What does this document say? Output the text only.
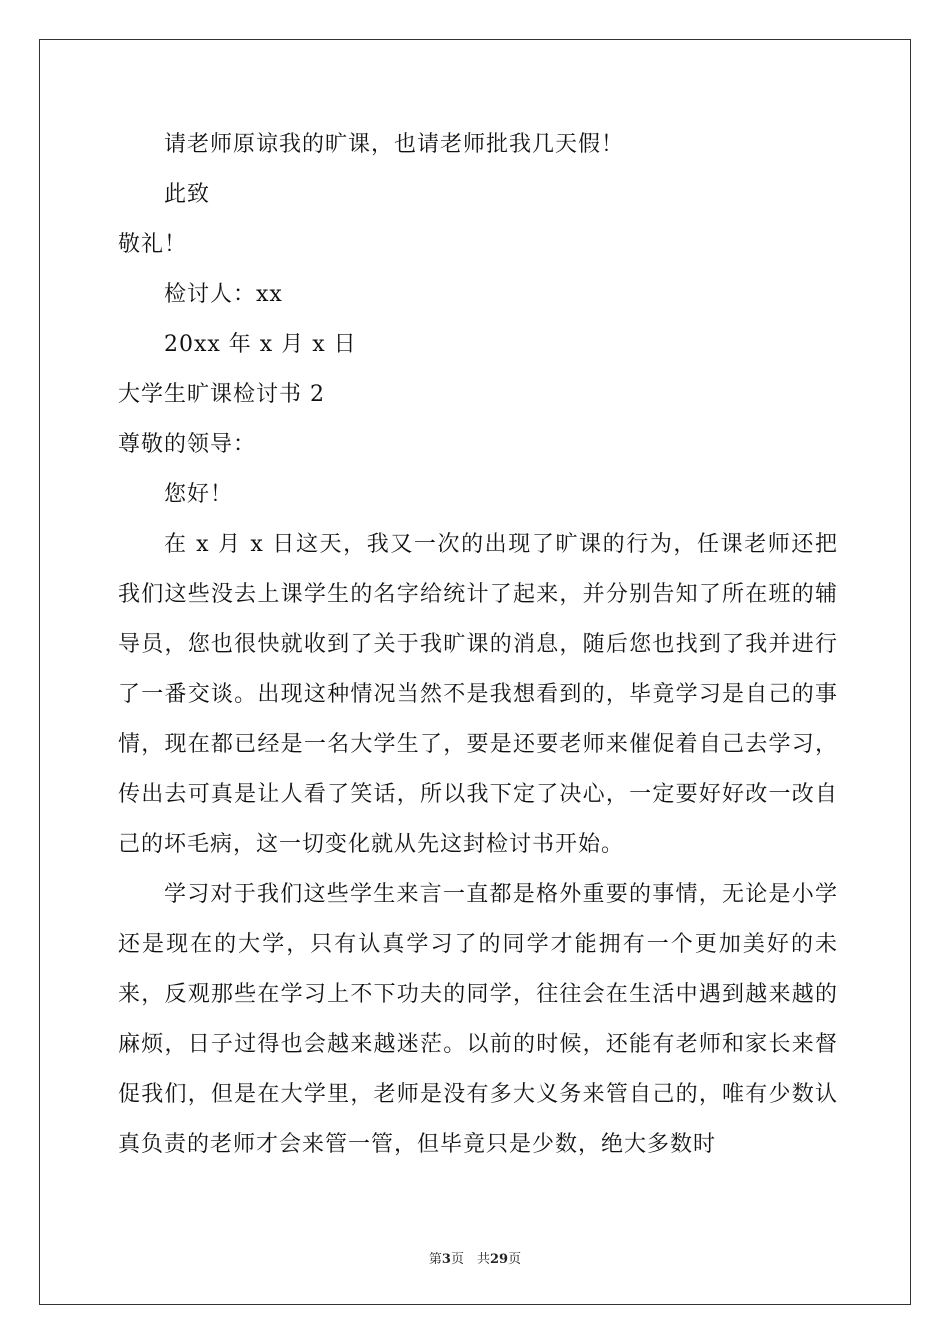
请老师原谅我的旷课，也请老师批我几天假！
此致
敬礼！
检讨人：xx
20xx 年 x 月 x 日
大学生旷课检讨书 2
尊敬的领导：
您好！
在 x 月 x 日这天，我又一次的出现了旷课的行为，任课老师还把我们这些没去上课学生的名字给统计了起来，并分别告知了所在班的辅导员，您也很快就收到了关于我旷课的消息，随后您也找到了我并进行了一番交谈。出现这种情况当然不是我想看到的，毕竟学习是自己的事情，现在都已经是一名大学生了，要是还要老师来催促着自己去学习，传出去可真是让人看了笑话，所以我下定了决心，一定要好好改一改自己的坏毛病，这一切变化就从先这封检讨书开始。
学习对于我们这些学生来言一直都是格外重要的事情，无论是小学还是现在的大学，只有认真学习了的同学才能拥有一个更加美好的未来，反观那些在学习上不下功夫的同学，往往会在生活中遇到越来越的麻烦，日子过得也会越来越迷茫。以前的时候，还能有老师和家长来督促我们，但是在大学里，老师是没有多大义务来管自己的，唯有少数认真负责的老师才会来管一管，但毕竟只是少数，绝大多数时
第3页　共29页
